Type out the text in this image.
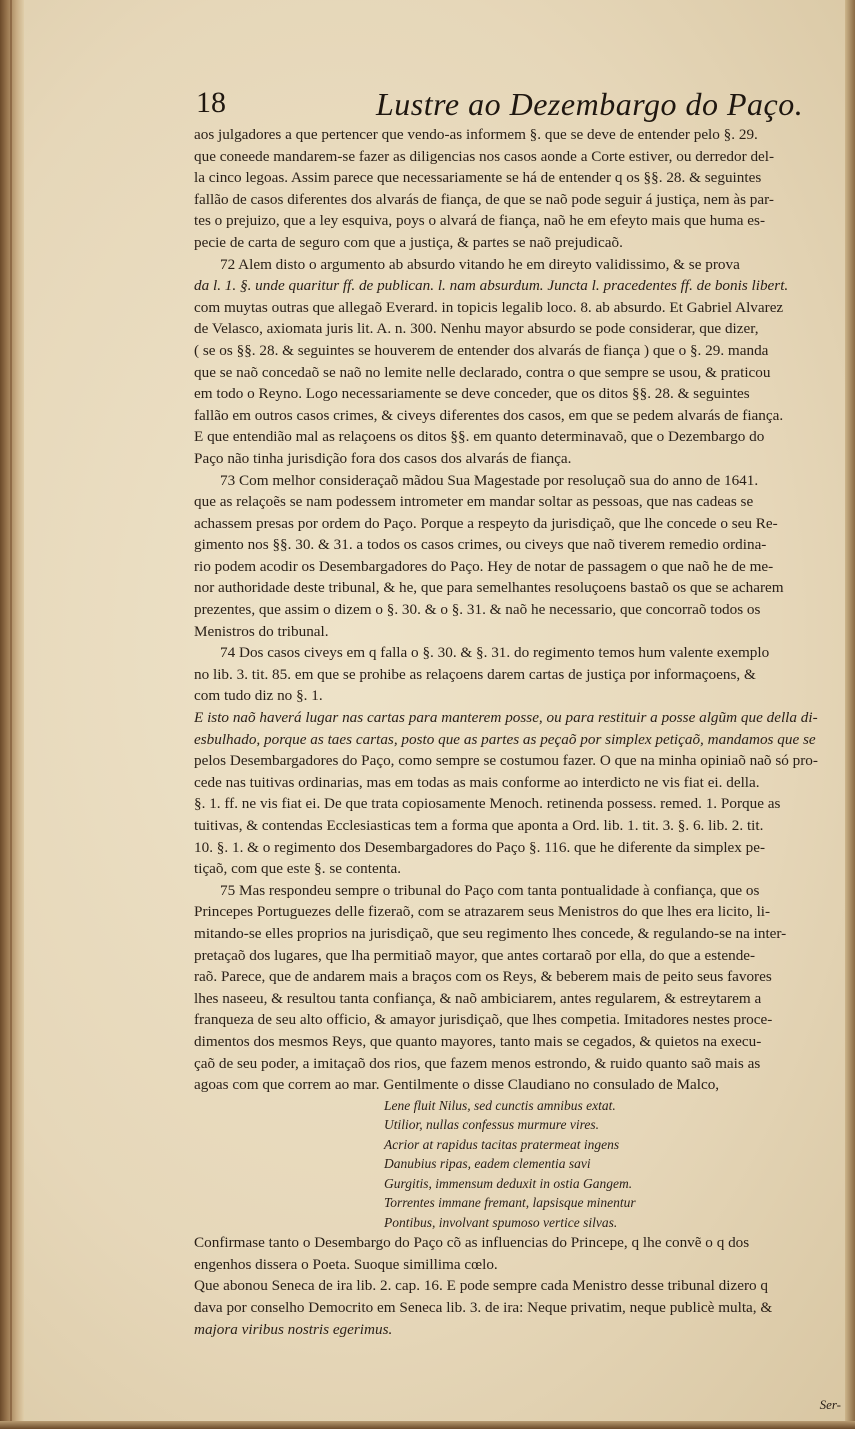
18	Lustre ao Dezembargo do Paço.
aos julgadores a que pertencer que vendo-as informem §. que se deve de entender pelo §. 29.
que coneede mandarem-se fazer as diligencias nos casos aonde a Corte estiver, ou derredor del-
la cinco legoas. Assim parece que necessariamente se há de entender q os §§. 28. & seguintes
fallão de casos diferentes dos alvarás de fiança, de que se naõ pode seguir á justiça, nem às par-
tes o prejuizo, que a ley esquiva, poys o alvará de fiança, naõ he em efeyto mais que huma es-
pecie de carta de seguro com que a justiça, & partes se naõ prejudicaõ.
72 Alem disto o argumento ab absurdo vitando he em direyto validissimo, & se prova
da l. 1. §. unde quaritur ff. de publican. l. nam absurdum. Juncta l. pracedentes ff. de bonis libert.
com muytas outras que allegaõ Everard. in topicis legalib loco. 8. ab absurdo. Et Gabriel Alvarez
de Velasco, axiomata juris lit. A. n. 300. Nenhu mayor absurdo se pode considerar, que dizer,
( se os §§. 28. & seguintes se houverem de entender dos alvarás de fiança ) que o §. 29. manda
que se naõ concedaõ se naõ no lemite nelle declarado, contra o que sempre se usou, & praticou
em todo o Reyno. Logo necessariamente se deve conceder, que os ditos §§. 28. & seguintes
fallão em outros casos crimes, & civeys diferentes dos casos, em que se pedem alvarás de fiança.
E que entendião mal as relaçoens os ditos §§. em quanto determinavaõ, que o Dezembargo do
Paço não tinha jurisdição fora dos casos dos alvarás de fiança.
73 Com melhor consideraçaõ mãdou Sua Magestade por resoluçaõ sua do anno de 1641.
que as relaçoẽs se nam podessem intrometer em mandar soltar as pessoas, que nas cadeas se
achassem presas por ordem do Paço. Porque a respeyto da jurisdiçaõ, que lhe concede o seu Re-
gimento nos §§. 30. & 31. a todos os casos crimes, ou civeys que naõ tiverem remedio ordina-
rio podem acodir os Desembargadores do Paço. Hey de notar de passagem o que naõ he de me-
nor authoridade deste tribunal, & he, que para semelhantes resoluçoens bastaõ os que se acharem
prezentes, que assim o dizem o §. 30. & o §. 31. & naõ he necessario, que concorraõ todos os
Menistros do tribunal.
74 Dos casos civeys em q falla o §. 30. & §. 31. do regimento temos hum valente exemplo
no lib. 3. tit. 85. em que se prohibe as relaçoens darem cartas de justiça por informaçoens, &
com tudo diz no §. 1.
E isto naõ haverá lugar nas cartas para manterem posse, ou para restituir a posse algũm que della di-
esbulhado, porque as taes cartas, posto que as partes as peçaõ por simplex petiçaõ, mandamos que se
pelos Desembargadores do Paço, como sempre se costumou fazer. O que na minha opiniaõ naõ só pro-
cede nas tuitivas ordinarias, mas em todas as mais conforme ao interdicto ne vis fiat ei. della.
§. 1. ff. ne vis fiat ei. De que trata copiosamente Menoch. retinenda possess. remed. 1. Porque as
tuitivas, & contendas Ecclesiasticas tem a forma que aponta a Ord. lib. 1. tit. 3. §. 6. lib. 2. tit.
10. §. 1. & o regimento dos Desembargadores do Paço §. 116. que he diferente da simplex pe-
tiçaõ, com que este §. se contenta.
75 Mas respondeu sempre o tribunal do Paço com tanta pontualidade à confiança, que os
Princepes Portuguezes delle fizeraõ, com se atrazarem seus Menistros do que lhes era licito, li-
mitando-se elles proprios na jurisdiçaõ, que seu regimento lhes concede, & regulando-se na inter-
pretaçaõ dos lugares, que lha permitiaõ mayor, que antes cortaraõ por ella, do que a estende-
raõ. Parece, que de andarem mais a braços com os Reys, & beberem mais de peito seus favores
lhes naseeu, & resultou tanta confiança, & naõ ambiciarem, antes regularem, & estreytarem a
franqueza de seu alto officio, & amayor jurisdiçaõ, que lhes competia. Imitadores nestes proce-
dimentos dos mesmos Reys, que quanto mayores, tanto mais se cegados, & quietos na execu-
çaõ de seu poder, a imitaçaõ dos rios, que fazem menos estrondo, & ruido quanto saõ mais as
agoas com que correm ao mar. Gentilmente o disse Claudiano no consulado de Malco,
Lene fluit Nilus, sed cunctis amnibus extat.
Utilior, nullas confessus murmure vires.
Acrior at rapidus tacitas pratermeat ingens
Danubius ripas, eadem clementia savi
Gurgitis, immensum deduxit in ostia Gangem.
Torrentes immane fremant, lapsisque minentur
Pontibus, involvant spumoso vertice silvas.
Confirmase tanto o Desembargo do Paço cõ as influencias do Princepe, q lhe convẽ o q dos
engenhos dissera o Poeta. Suoque simillima cœlo.
Que abonou Seneca de ira lib. 2. cap. 16. E pode sempre cada Menistro desse tribunal dizero q
dava por conselho Democrito em Seneca lib. 3. de ira: Neque privatim, neque publicè multa, &
majora viribus nostris egerimus.
Ser-
